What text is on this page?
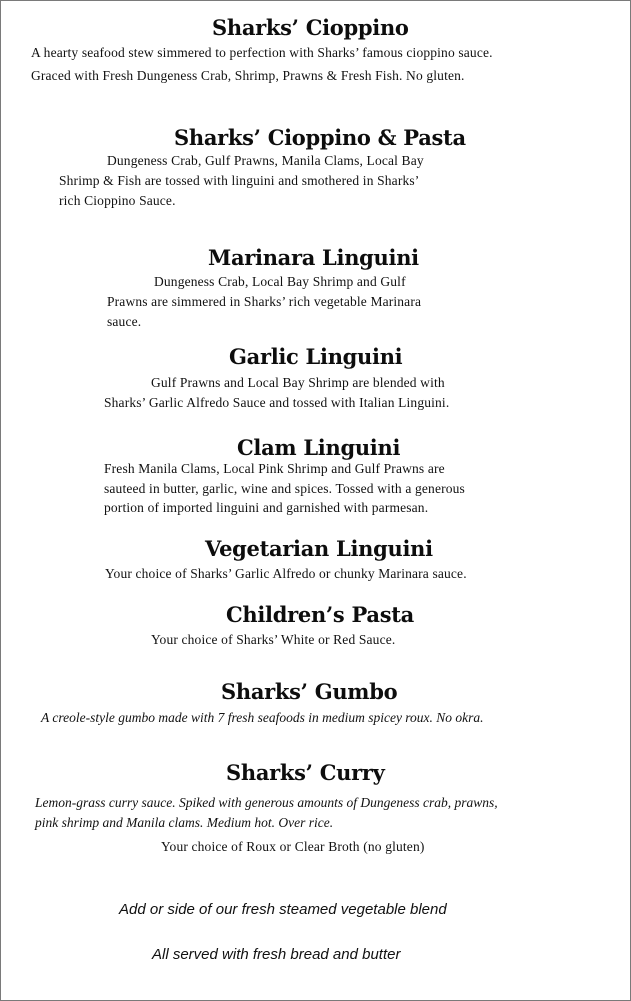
Sharks’ Cioppino
A hearty seafood stew simmered to perfection with Sharks’ famous cioppino sauce.
Graced with Fresh Dungeness Crab, Shrimp, Prawns & Fresh Fish. No gluten.
Sharks’ Cioppino & Pasta
Dungeness Crab, Gulf Prawns, Manila Clams, Local Bay
Shrimp & Fish are tossed with linguini and smothered in Sharks’
rich Cioppino Sauce.
Marinara Linguini
Dungeness Crab, Local Bay Shrimp and Gulf
Prawns are simmered in Sharks’ rich vegetable Marinara
sauce.
Garlic Linguini
Gulf Prawns and Local Bay Shrimp are blended with
Sharks’ Garlic Alfredo Sauce and tossed with Italian Linguini.
Clam Linguini
Fresh Manila Clams, Local Pink Shrimp and Gulf Prawns are
sauteed in butter, garlic, wine and spices. Tossed with a generous
portion of imported linguini and garnished with parmesan.
Vegetarian Linguini
Your choice of Sharks’ Garlic Alfredo or chunky Marinara sauce.
Children’s Pasta
Your choice of Sharks’ White or Red Sauce.
Sharks’ Gumbo
A creole-style gumbo made with 7 fresh seafoods in medium spicey roux. No okra.
Sharks’ Curry
Lemon-grass curry sauce. Spiked with generous amounts of Dungeness crab, prawns,
pink shrimp and Manila clams. Medium hot. Over rice.
Your choice of Roux or Clear Broth (no gluten)
Add or side of our fresh steamed vegetable blend
All served with fresh bread and butter
